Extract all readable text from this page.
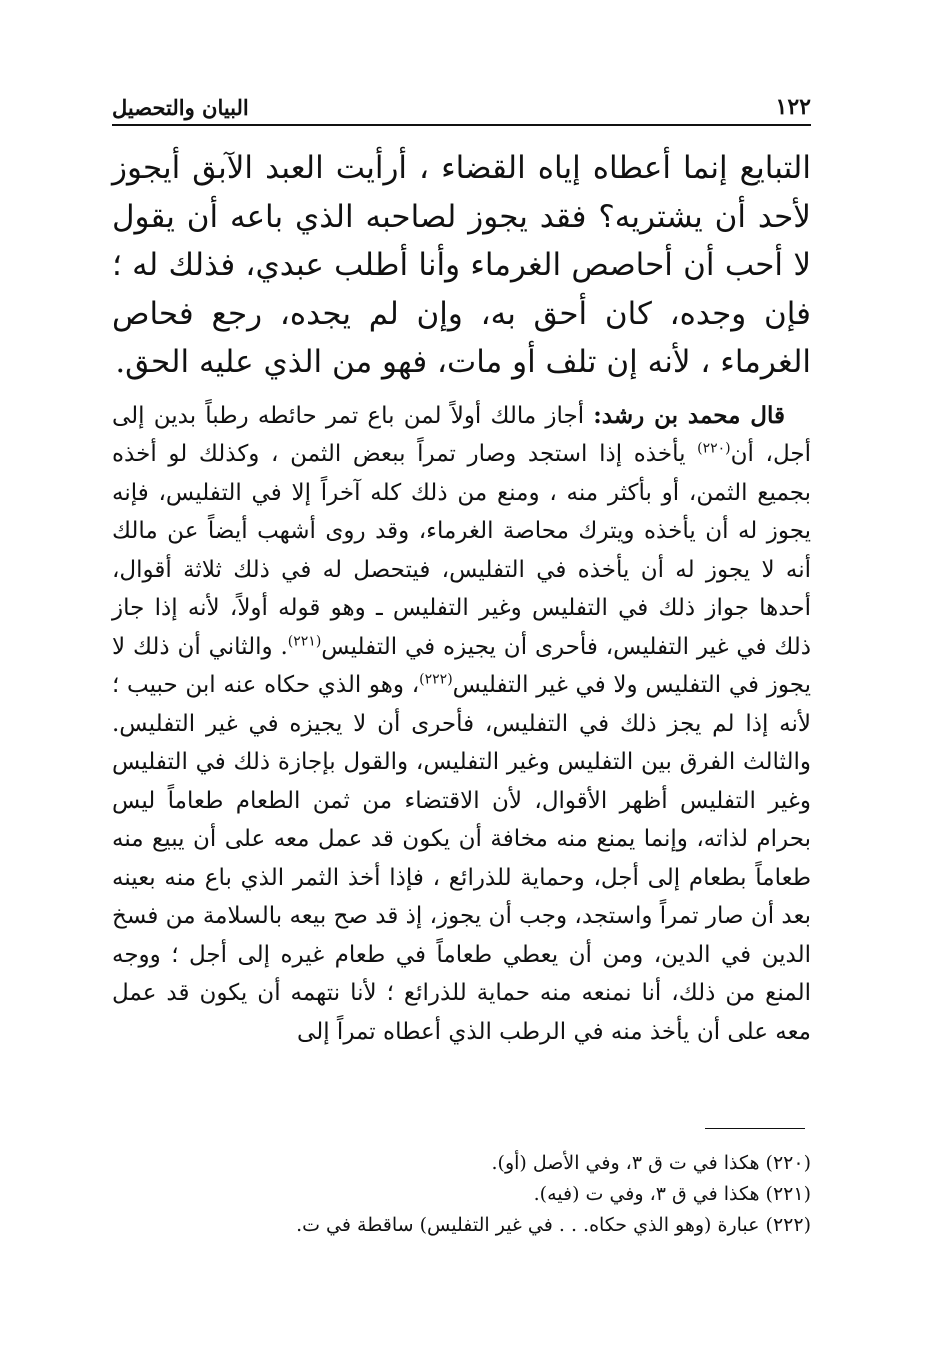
١٢٢
البيان والتحصيل

التبايع إنما أعطاه إياه القضاء ، أرأيت العبد الآبق أيجوز لأحد أن يشتريه؟ فقد يجوز لصاحبه الذي باعه أن يقول لا أحب أن أحاصص الغرماء وأنا أطلب عبدي، فذلك له ؛ فإن وجده، كان أحق به، وإن لم يجده، رجع فحاص الغرماء ، لأنه إن تلف أو مات، فهو من الذي عليه الحق.

قال محمد بن رشد: أجاز مالك أولاً لمن باع تمر حائطه رطباً بدين إلى أجل، أن$^{(٢٢٠)}$ يأخذه إذا استجد وصار تمراً ببعض الثمن ، وكذلك لو أخذه بجميع الثمن، أو بأكثر منه ، ومنع من ذلك كله آخراً إلا في التفليس، فإنه يجوز له أن يأخذه ويترك محاصة الغرماء، وقد روى أشهب أيضاً عن مالك أنه لا يجوز له أن يأخذه في التفليس، فيتحصل له في ذلك ثلاثة أقوال، أحدها جواز ذلك في التفليس وغير التفليس ـ وهو قوله أولاً، لأنه إذا جاز ذلك في غير التفليس، فأحرى أن يجيزه في التفليس$^{(٢٢١)}$. والثاني أن ذلك لا يجوز في التفليس ولا في غير التفليس$^{(٢٢٢)}$، وهو الذي حكاه عنه ابن حبيب ؛ لأنه إذا لم يجز ذلك في التفليس، فأحرى أن لا يجيزه في غير التفليس. والثالث الفرق بين التفليس وغير التفليس، والقول بإجازة ذلك في التفليس وغير التفليس أظهر الأقوال، لأن الاقتضاء من ثمن الطعام طعاماً ليس بحرام لذاته، وإنما يمنع منه مخافة أن يكون قد عمل معه على أن يبيع منه طعاماً بطعام إلى أجل، وحماية للذرائع ، فإذا أخذ الثمر الذي باع منه بعينه بعد أن صار تمراً واستجد، وجب أن يجوز، إذ قد صح بيعه بالسلامة من فسخ الدين في الدين، ومن أن يعطي طعاماً في طعام غيره إلى أجل ؛ ووجه المنع من ذلك، أنا نمنعه منه حماية للذرائع ؛ لأنا نتهمه أن يكون قد عمل معه على أن يأخذ منه في الرطب الذي أعطاه تمراً إلى

(٢٢٠) هكذا في ت ق ٣، وفي الأصل (أو).

(٢٢١) هكذا في ق ٣، وفي ت (فيه).

(٢٢٢) عبارة (وهو الذي حكاه. . . في غير التفليس) ساقطة في ت.
